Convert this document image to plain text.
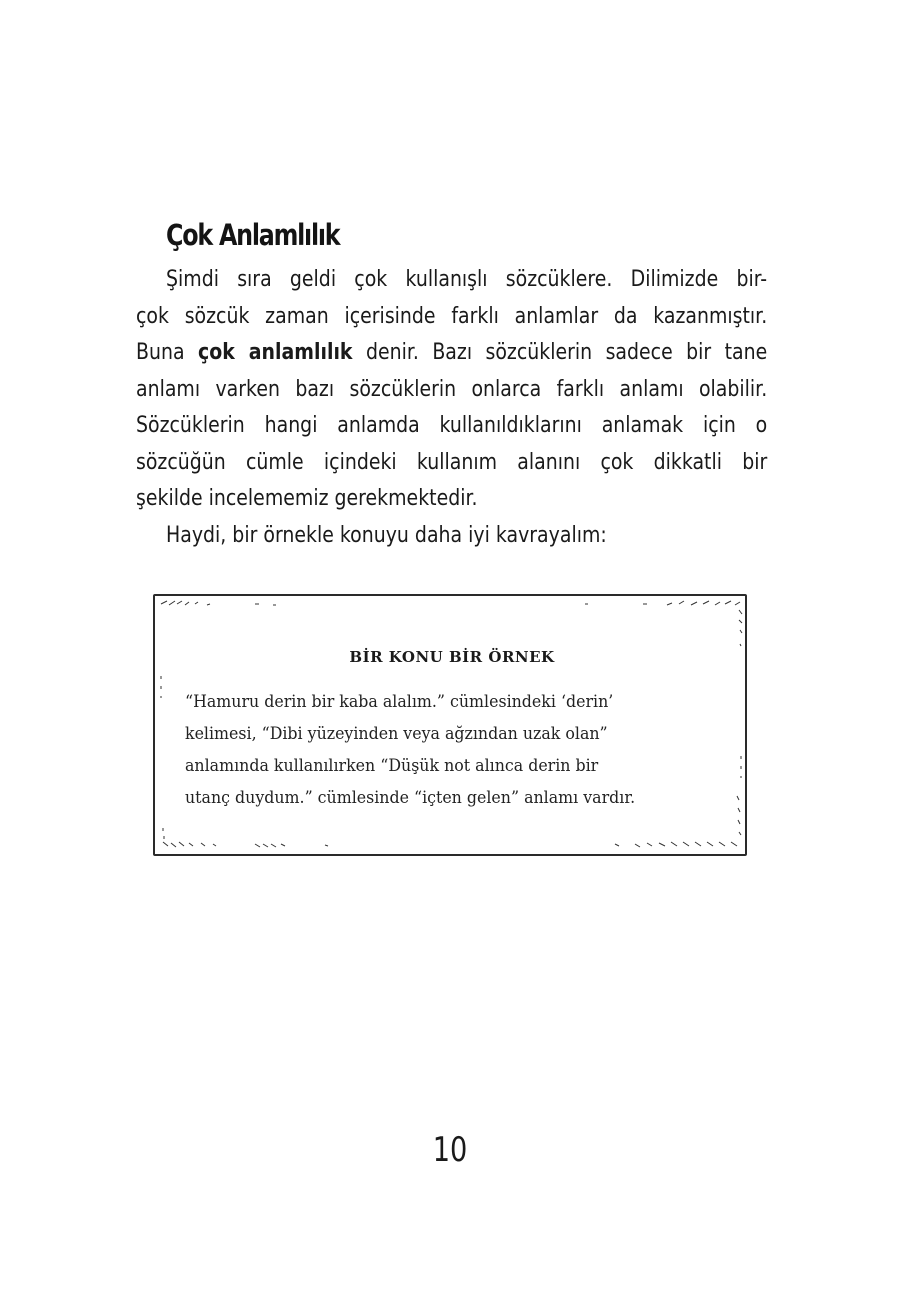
Çok Anlamlılık
Şimdi sıra geldi çok kullanışlı sözcüklere. Dilimizde bir-
çok sözcük zaman içerisinde farklı anlamlar da kazanmıştır.
Buna çok anlamlılık denir. Bazı sözcüklerin sadece bir tane
anlamı varken bazı sözcüklerin onlarca farklı anlamı olabilir.
Sözcüklerin hangi anlamda kullanıldıklarını anlamak için o
sözcüğün cümle içindeki kullanım alanını çok dikkatli bir
şekilde incelememiz gerekmektedir.
Haydi, bir örnekle konuyu daha iyi kavrayalım:
BİR KONU BİR ÖRNEK
“Hamuru derin bir kaba alalım.” cümlesindeki ‘derin’
kelimesi, “Dibi yüzeyinden veya ağzından uzak olan”
anlamında kullanılırken “Düşük not alınca derin bir
utanç duydum.” cümlesinde “içten gelen” anlamı vardır.
10
